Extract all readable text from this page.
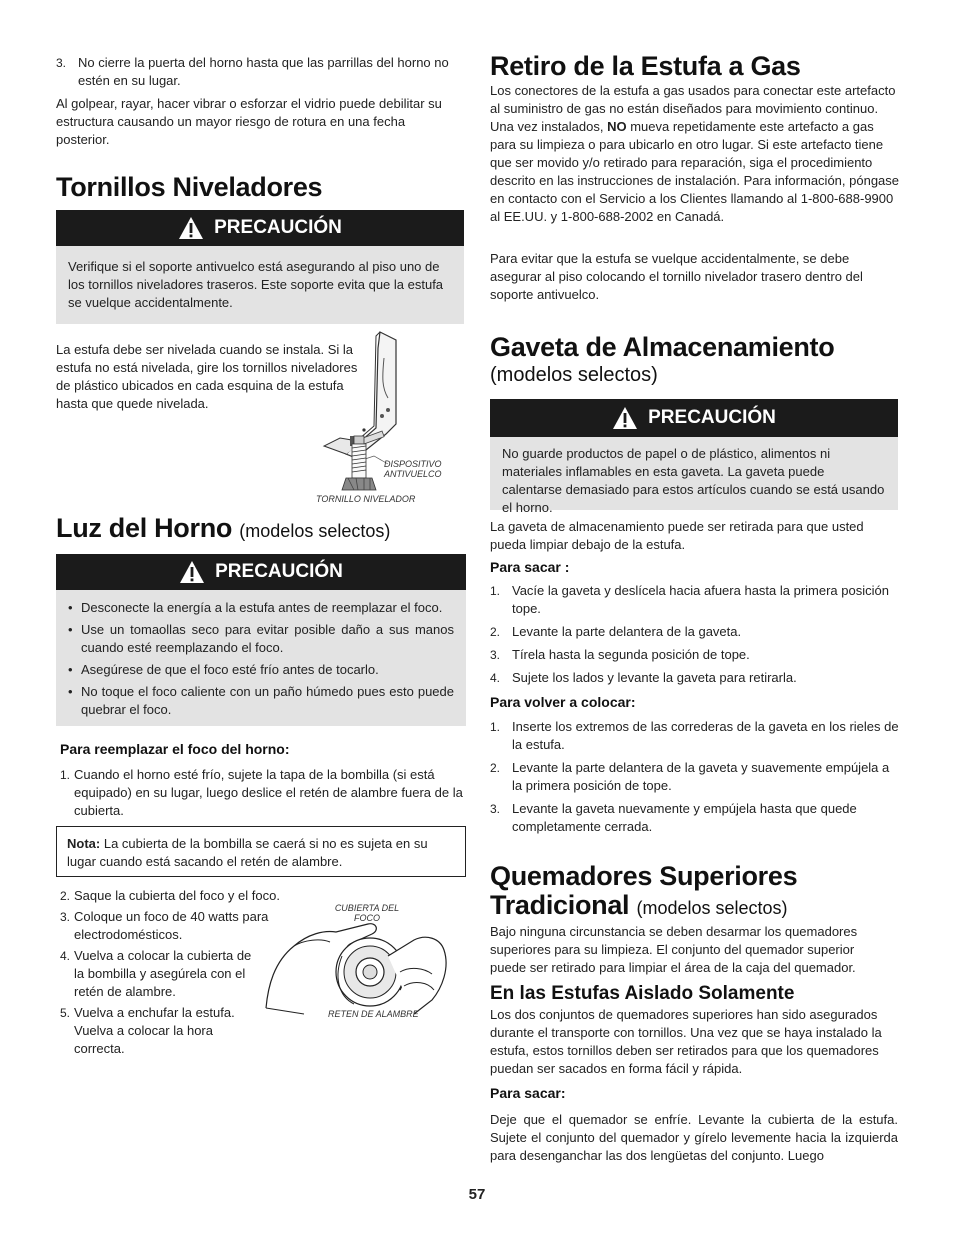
3. No cierre la puerta del horno hasta que las parrillas del horno no estén en su lugar.

Al golpear, rayar, hacer vibrar o esforzar el vidrio puede debilitar su estructura causando un mayor riesgo de rotura en una fecha posterior.

Tornillos Niveladores
PRECAUCIÓN
Verifique si el soporte antivuelco está asegurando al piso uno de los tornillos niveladores traseros. Este soporte evita que la estufa se vuelque accidentalmente.

La estufa debe ser nivelada cuando se instala. Si la estufa no está nivelada, gire los tornillos niveladores de plástico ubicados en cada esquina de la estufa hasta que quede nivelada.

DISPOSITIVO ANTIVUELCO
TORNILLO NIVELADOR
Luz del Horno (modelos selectos)
PRECAUCIÓN
• Desconecte la energía a la estufa antes de reemplazar el foco.
• Use un tomaollas seco para evitar posible daño a sus manos cuando esté reemplazando el foco.
• Asegúrese de que el foco esté frío antes de tocarlo.
• No toque el foco caliente con un paño húmedo pues esto puede quebrar el foco.
Para reemplazar el foco del horno:
1. Cuando el horno esté frío, sujete la tapa de la bombilla (si está equipado) en su lugar, luego deslice el retén de alambre fuera de la cubierta.

Nota: La cubierta de la bombilla se caerá si no es sujeta en su lugar cuando está sacando el retén de alambre.
2. Saque la cubierta del foco y el foco.

3. Coloque un foco de 40 watts para electrodomésticos.

4. Vuelva a colocar la cubierta de la bombilla y asegúrela con el retén de alambre.

5. Vuelva a enchufar la estufa. Vuelva a colocar la hora correcta.

CUBIERTA DEL FOCO
RETEN DE ALAMBRE
Retiro de la Estufa a Gas

Los conectores de la estufa a gas usados para conectar este artefacto al suministro de gas no están diseñados para movimiento continuo. Una vez instalados, NO mueva repetidamente este artefacto a gas para su limpieza o para ubicarlo en otro lugar. Si este artefacto tiene que ser movido y/o retirado para reparación, siga el procedimiento descrito en las instrucciones de instalación. Para información, póngase en contacto con el Servicio a los Clientes llamando al 1-800-688-9900 al EE.UU. y 1-800-688-2002 en Canadá.

Para evitar que la estufa se vuelque accidentalmente, se debe asegurar al piso colocando el tornillo nivelador trasero dentro del soporte antivuelco.

Gaveta de Almacenamiento
(modelos selectos)
PRECAUCIÓN
No guarde productos de papel o de plástico, alimentos ni materiales inflamables en esta gaveta. La gaveta puede calentarse demasiado para estos artículos cuando se está usando el horno.

La gaveta de almacenamiento puede ser retirada para que usted pueda limpiar debajo de la estufa.

Para sacar :
1. Vacíe la gaveta y deslícela hacia afuera hasta la primera posición tope.
2. Levante la parte delantera de la gaveta.
3. Tírela hasta la segunda posición de tope.
4. Sujete los lados y levante la gaveta para retirarla.
Para volver a colocar:
1. Inserte los extremos de las correderas de la gaveta en los rieles de la estufa.
2. Levante la parte delantera de la gaveta y suavemente empújela a la primera posición de tope.
3. Levante la gaveta nuevamente y empújela hasta que quede completamente cerrada.
Quemadores Superiores
Tradicional (modelos selectos)

Bajo ninguna circunstancia se deben desarmar los quemadores superiores para su limpieza. El conjunto del quemador superior puede ser retirado para limpiar el área de la caja del quemador.

En las Estufas Aislado Solamente

Los dos conjuntos de quemadores superiores han sido asegurados durante el transporte con tornillos. Una vez que se haya instalado la estufa, estos tornillos deben ser retirados para que los quemadores puedan ser sacados en forma fácil y rápida.

Para sacar:

Deje que el quemador se enfríe. Levante la cubierta de la estufa. Sujete el conjunto del quemador y gírelo levemente hacia la izquierda para desenganchar las dos lengüetas del conjunto. Luego

57
